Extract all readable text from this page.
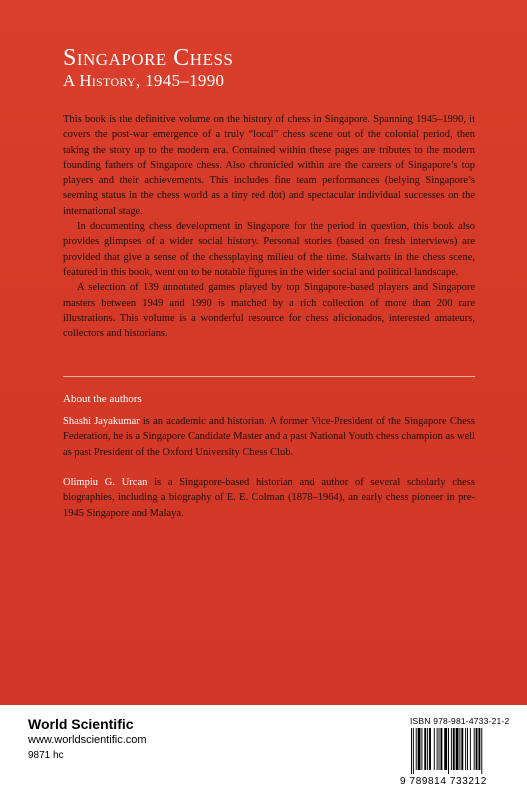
Singapore Chess
A History, 1945–1990

This book is the definitive volume on the history of chess in Singapore. Spanning 1945–1990, it covers the post-war emergence of a truly “local” chess scene out of the colonial period, then taking the story up to the modern era. Contained within these pages are tributes to the modern founding fathers of Singapore chess. Also chronicled within are the careers of Singapore’s top players and their achievements. This includes fine team performances (belying Singapore’s seeming status in the chess world as a tiny red dot) and spectacular individual successes on the international stage.

In documenting chess development in Singapore for the period in question, this book also provides glimpses of a wider social history. Personal stories (based on fresh interviews) are provided that give a sense of the chessplaying milieu of the time. Stalwarts in the chess scene, featured in this book, went on to be notable figures in the wider social and political landscape.

A selection of 139 annotated games played by top Singapore-based players and Singapore masters between 1949 and 1990 is matched by a rich collection of more than 200 rare illustrations. This volume is a wonderful resource for chess aficionados, interested amateurs, collectors and historians.

About the authors

Shashi Jayakumar is an academic and historian. A former Vice-President of the Singapore Chess Federation, he is a Singapore Candidate Master and a past National Youth chess champion as well as past President of the Oxford University Chess Club.

Olimpiu G. Urcan is a Singapore-based historian and author of several scholarly chess biographies, including a biography of E. E. Colman (1878–1964), an early chess pioneer in pre-1945 Singapore and Malaya.

World Scientific
www.worldscientific.com
9871 hc
ISBN 978-981-4733-21-2
9 789814 733212
